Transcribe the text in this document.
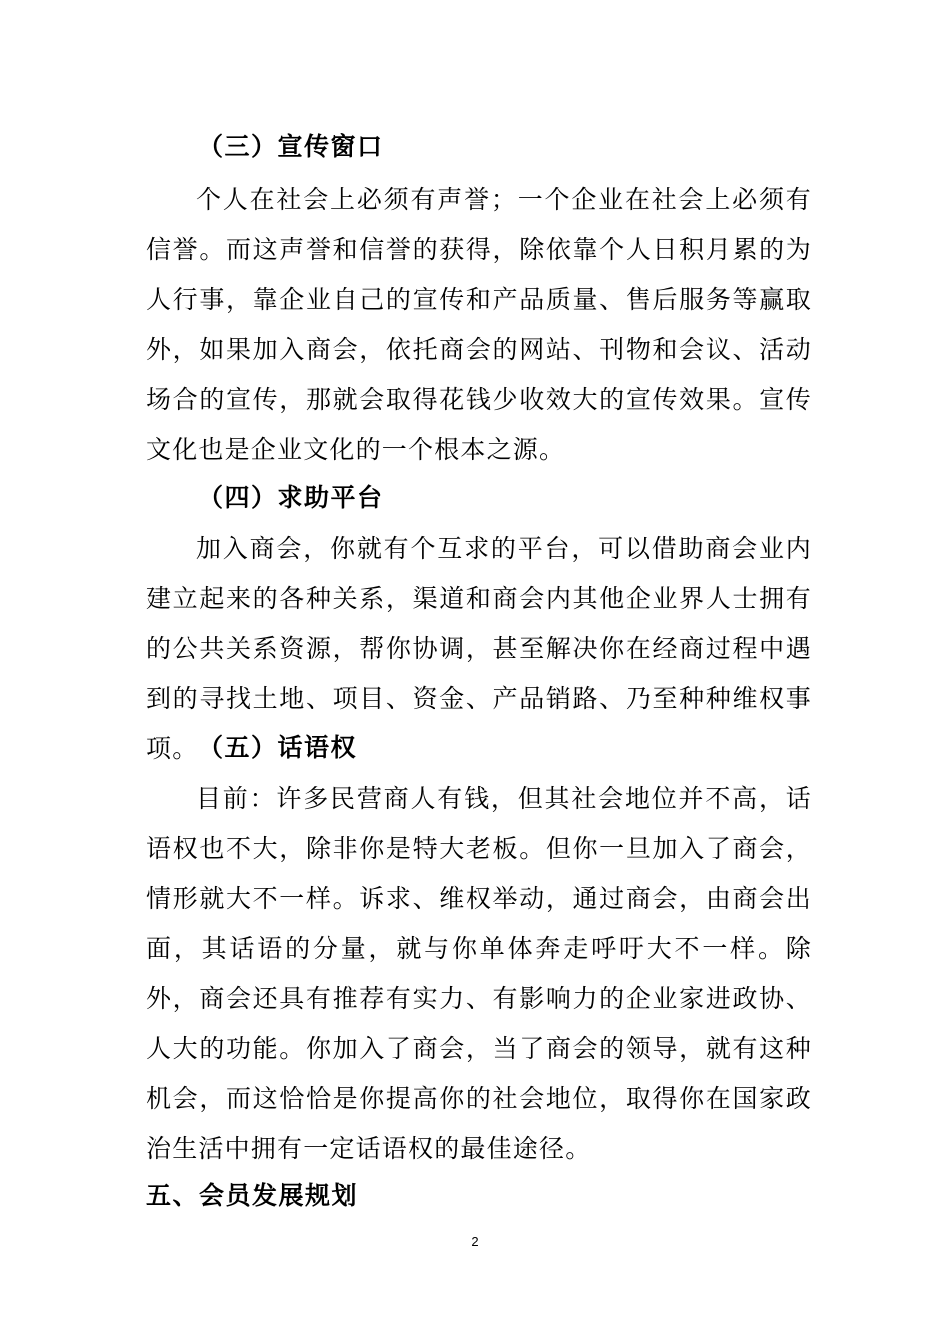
（三）宣传窗口

个人在社会上必须有声誉；一个企业在社会上必须有信誉。而这声誉和信誉的获得，除依靠个人日积月累的为人行事，靠企业自己的宣传和产品质量、售后服务等赢取外，如果加入商会，依托商会的网站、刊物和会议、活动场合的宣传，那就会取得花钱少收效大的宣传效果。宣传文化也是企业文化的一个根本之源。

（四）求助平台

加入商会，你就有个互求的平台，可以借助商会业内建立起来的各种关系，渠道和商会内其他企业界人士拥有的公共关系资源，帮你协调，甚至解决你在经商过程中遇到的寻找土地、项目、资金、产品销路、乃至种种维权事项。 （五）话语权

目前：许多民营商人有钱，但其社会地位并不高，话语权也不大，除非你是特大老板。但你一旦加入了商会，情形就大不一样。诉求、维权举动，通过商会，由商会出面，其话语的分量，就与你单体奔走呼吁大不一样。除外，商会还具有推荐有实力、有影响力的企业家进政协、人大的功能。你加入了商会，当了商会的领导，就有这种机会，而这恰恰是你提高你的社会地位，取得你在国家政治生活中拥有一定话语权的最佳途径。

五、会员发展规划
2
